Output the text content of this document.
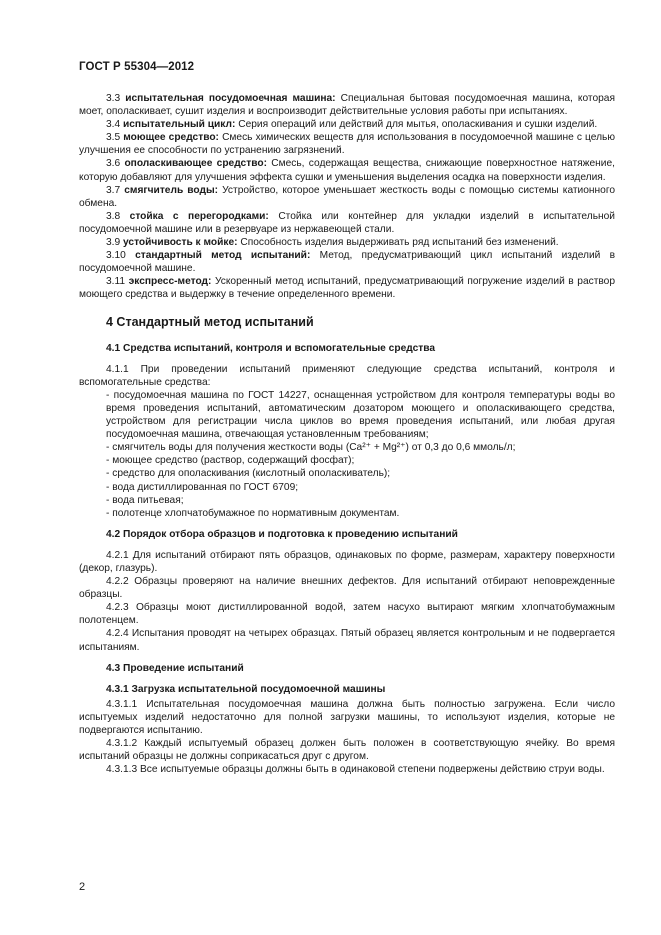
ГОСТ Р 55304—2012

3.3 испытательная посудомоечная машина: Специальная бытовая посудомоечная машина, которая моет, ополаскивает, сушит изделия и воспроизводит действительные условия работы при испытаниях.

3.4 испытательный цикл: Серия операций или действий для мытья, ополаскивания и сушки изделий.

3.5 моющее средство: Смесь химических веществ для использования в посудомоечной машине с целью улучшения ее способности по устранению загрязнений.

3.6 ополаскивающее средство: Смесь, содержащая вещества, снижающие поверхностное натяжение, которую добавляют для улучшения эффекта сушки и уменьшения выделения осадка на поверхности изделия.

3.7 смягчитель воды: Устройство, которое уменьшает жесткость воды с помощью системы катионного обмена.

3.8 стойка с перегородками: Стойка или контейнер для укладки изделий в испытательной посудомоечной машине или в резервуаре из нержавеющей стали.

3.9 устойчивость к мойке: Способность изделия выдерживать ряд испытаний без изменений.

3.10 стандартный метод испытаний: Метод, предусматривающий цикл испытаний изделий в посудомоечной машине.

3.11 экспресс-метод: Ускоренный метод испытаний, предусматривающий погружение изделий в раствор моющего средства и выдержку в течение определенного времени.

4 Стандартный метод испытаний
4.1 Средства испытаний, контроля и вспомогательные средства

4.1.1 При проведении испытаний применяют следующие средства испытаний, контроля и вспомогательные средства:

- посудомоечная машина по ГОСТ 14227, оснащенная устройством для контроля температуры воды во время проведения испытаний, автоматическим дозатором моющего и ополаскивающего средства, устройством для регистрации числа циклов во время проведения испытаний, или любая другая посудомоечная машина, отвечающая установленным требованиям;

- смягчитель воды для получения жесткости воды (Ca²⁺ + Mg²⁺) от 0,3 до 0,6 ммоль/л;

- моющее средство (раствор, содержащий фосфат);

- средство для ополаскивания (кислотный ополаскиватель);

- вода дистиллированная по ГОСТ 6709;

- вода питьевая;

- полотенце хлопчатобумажное по нормативным документам.

4.2 Порядок отбора образцов и подготовка к проведению испытаний

4.2.1 Для испытаний отбирают пять образцов, одинаковых по форме, размерам, характеру поверхности (декор, глазурь).

4.2.2 Образцы проверяют на наличие внешних дефектов. Для испытаний отбирают неповрежденные образцы.

4.2.3 Образцы моют дистиллированной водой, затем насухо вытирают мягким хлопчатобумажным полотенцем.

4.2.4 Испытания проводят на четырех образцах. Пятый образец является контрольным и не подвергается испытаниям.

4.3 Проведение испытаний
4.3.1 Загрузка испытательной посудомоечной машины

4.3.1.1 Испытательная посудомоечная машина должна быть полностью загружена. Если число испытуемых изделий недостаточно для полной загрузки машины, то используют изделия, которые не подвергаются испытанию.

4.3.1.2 Каждый испытуемый образец должен быть положен в соответствующую ячейку. Во время испытаний образцы не должны соприкасаться друг с другом.

4.3.1.3 Все испытуемые образцы должны быть в одинаковой степени подвержены действию струи воды.

2
